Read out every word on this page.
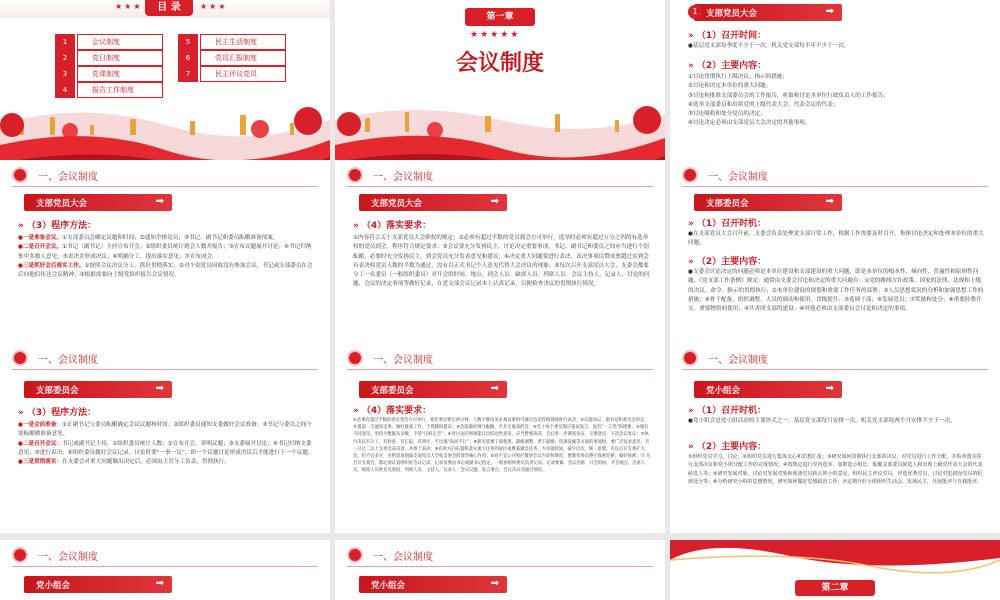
★★★	目 录	★★★
1	会议制度
2	党日制度
3	党课制度
4	报告工作制度
5	民主生活制度
6	党员汇报制度
7	民主评议党员
第一章
★★★★★
会议制度
支部党员大会	➡
1
» （1）召开时间：
●基层党支部每季度不少于一次，机关党支部每半年不少于一次。
» （2）主要内容：
①讨论贯彻执行上级决议、指示的措施；
②讨论和决定本单位的重大问题；
③讨论和批准支部委员会的工作报告，听取和讨论本单位行政负责人的工作报告；
④选举支部委员和出席党的上级代表大会、代表会议的代表；
⑤讨论吸收和处分党员的决定；
⑥讨论决定必须由支部党员大会决定的其他事项。
一、会议制度
支部党员大会	➡
» （3）程序方法：
●一是准备会议。①支部委员会确定议题和时间；②通知全体党员；③书记、副书记和委员酝酿准备预案。
●二是召开会议。①书记（副书记）主持宣布开会；②组织委员统计到会人数并报告；③宣布议题展开讨论；④书记归纳集中多数人意见；⑤表决并形成决议；⑥明确分工，提出落实意见；⑦宣布闭会。
●三是抓好会后落实工作。①按照会议决议分工，抓好贯彻落实；②对个别党员因故没有参加会议，书记或支部委员在会后向他们传达会议精神；③根据需要向上级党组织报告会议情况。
一、会议制度
支部党员大会	➡
» （4）落实要求：
①内容符合关于支部党员大会职权的规定；②必须有超过半数的党员到会方可举行，选举时必须有超过五分之四的有选举权的党员到会，程序符合规定要求；③会议要充分发扬民主，讨论决定重要事项，书记、副书记和委员之间应当进行个别酝酿，必要时充分发扬民主，到会党员充分发表意见和建议；④决定重大问题要进行表决，表决事项以赞成票超过实到会有表决权党员人数的半数为通过，没有以正式书记个人意见代替大会决议的现象；⑤每次召开支部党员大会，支委会都要分工一名委员（一般组织委员）对开会的时间、地点、到会人员、缺席人员、列席人员、会议主持人、记录人、讨论的问题、会议的决定事项等做好记录，在党支部会议记录本上认真记录，以便检查决议的贯彻执行情况。
一、会议制度
支部委员会	➡
» （1）召开时机：
●在支部党员大会召开前，支委会负责处理党支部日常工作，根据工作需要及时召开，集体讨论决定和处理本单位的重大问题。
» （2）主要内容：
●支委会讨论决定的问题必须是本单位建设和支部建设的重大问题，即是本单位的根本性、倾向性、普遍性和原则性问题。《党支部工作条例》规定：通常由支委会讨论和决定的重大问题有：①党的路线方针政策、国家的法律、法规和上级的决议、命令、指示的贯彻执行；②本单位建设的规划和重要工作任务的部署；③人员思想状况的分析和加强思想工作的措施；④骨干配备、组织调整、人员的调动和使用、晋级提升；⑤选调干部；⑥发展党员；⑦奖励和处分；⑧重要经费开支、重要物资的使用；⑨共青团支部的建设；⑩其他必须由支部委员会讨论和决定的事项。
一、会议制度
支部委员会	➡
» （3）程序方法：
●一是会前准备：①正副书记与委员酝酿确定会议议题和时间；②组织委员通知支委做好会议准备；③书记与委员之间个别酝酿做准备意见。
●二是召开会议：书记或副书记主持，①组织委员统计人数；②宣布开会，讲明议题；③支委展开讨论；④书记归纳支委意见；⑤进行表决；⑥组织委员做好会议记录。讨论时要“一事一议”，即一个议题讨论形成决议后才能进行下一个议题。
●三是贯彻落实：在支委会对重大问题做出决定后，必须由主管分工负责，贯彻执行。
一、会议制度
支部委员会	➡
» （4）落实要求：
①必须有超过半数的委员到会方可举行，委任委员要在两分钟，人数不够再见必须以事时可通过电话连线现场进行表决；②议题书记、副书记和委员会审定，并提前一天通知支委，做好准备工作，不得随时提议；③会前做好调气酝酿，不开无准备的会；④会上每个委员都应依法发言，没有“一言堂”的现象；⑤遇有不同意见，坚持少数服从多数，不得“以权定音”；⑥对讨论的事项能议出结论性意见，应当暂缓表决，会后进一步调查论证，交换意见，下次会议复议；⑦执行决议有分工、有检查、有汇报、有讲评，不出现“说而不行”；⑧研究需要干部使用、职级调整、晋干职级、选调发掘等方面的事项时，要广泛征求意见，有三分之二以上支委会表决意，并逐个表决；⑨有时方向布置和落实重大任务的战区或暨某紧急任务，为争取时间，减少层次，统一思想，可以召开支委扩大会。但不宜多开，否则容易削弱支部党员大会和支委会的领导核心作用；⑩对不宜公开组扩散的会议内容和情况，要教育委员遵守保密纪律，做好保密；⑪ 凡召开支委会，都必须认真组织好会议记录，记录员要由书记或副书记指定，一般由组织委员负责记录。记录要素：会议名称、开会时间、开会地点、出席人员、缺席人员姓名及原因、列席人员、主持人、记录人、会议议题、发言要点、会议决议及通过情况。
一、会议制度
党小组会	➡
» （1）召开时机：
●党小组会是党小组活动的主要形式之一，基层党支部每月安排一次，机关党支部每两个月安排不少于一次。
» （2）主要内容：
①组织党员学习、讨论；②组织党员进行集体交心和思想汇报；③研究如何贯彻执行支部的决议，对党员进行工作分配，并检查落实执行支部决议和党小组分配工作的完成情况；④按规定进行党内选举，如推选小组长、酝酿支部委员候选人和出席上级党代表大会的代表候选人等；⑤研究发展对象，讨论对发展对象和预备党员转正的小组意见，组织民主评议党员，评选优秀党员，讨论对犯错误党员的纪律处分等；⑥分析研究小组的思想情况，研究如何做好思想政治工作；⑦定期开好小组组织生活会，发扬民主，开展批评与自我批评。
一、会议制度
党小组会	➡
一、会议制度
党小组会	➡	第二章
